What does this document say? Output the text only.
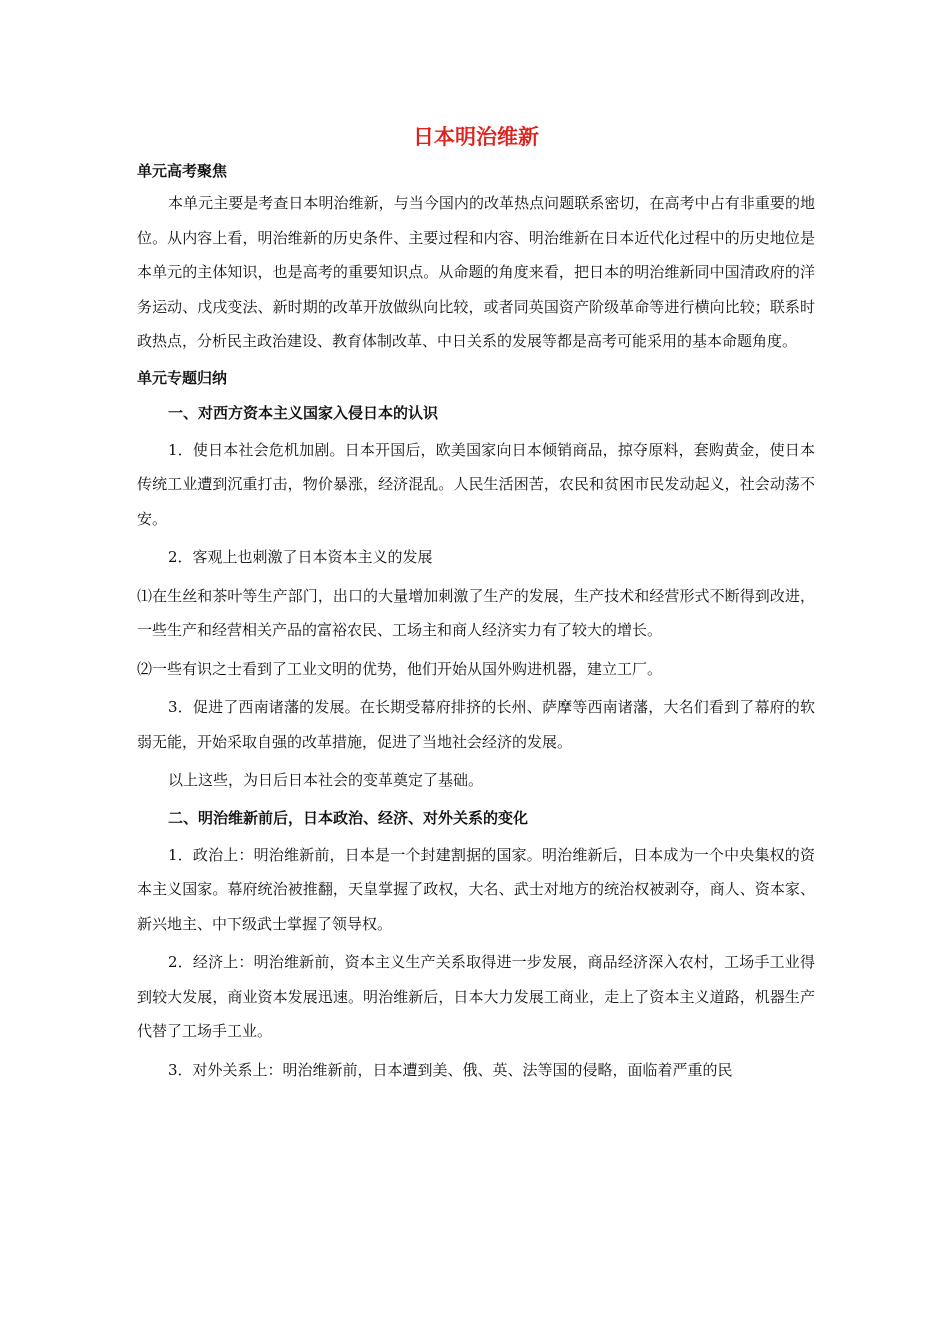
日本明治维新
单元高考聚焦

本单元主要是考查日本明治维新，与当今国内的改革热点问题联系密切，在高考中占有非重要的地位。从内容上看，明治维新的历史条件、主要过程和内容、明治维新在日本近代化过程中的历史地位是本单元的主体知识，也是高考的重要知识点。从命题的角度来看，把日本的明治维新同中国清政府的洋务运动、戊戌变法、新时期的改革开放做纵向比较，或者同英国资产阶级革命等进行横向比较；联系时政热点，分析民主政治建设、教育体制改革、中日关系的发展等都是高考可能采用的基本命题角度。

单元专题归纳
一、对西方资本主义国家入侵日本的认识

1．使日本社会危机加剧。日本开国后，欧美国家向日本倾销商品，掠夺原料，套购黄金，使日本传统工业遭到沉重打击，物价暴涨，经济混乱。人民生活困苦，农民和贫困市民发动起义，社会动荡不安。

2．客观上也刺激了日本资本主义的发展

⑴在生丝和茶叶等生产部门，出口的大量增加刺激了生产的发展，生产技术和经营形式不断得到改进，一些生产和经营相关产品的富裕农民、工场主和商人经济实力有了较大的增长。

⑵一些有识之士看到了工业文明的优势，他们开始从国外购进机器，建立工厂。

3．促进了西南诸藩的发展。在长期受幕府排挤的长州、萨摩等西南诸藩，大名们看到了幕府的软弱无能，开始采取自强的改革措施，促进了当地社会经济的发展。

以上这些，为日后日本社会的变革奠定了基础。

二、明治维新前后，日本政治、经济、对外关系的变化

1．政治上：明治维新前，日本是一个封建割据的国家。明治维新后，日本成为一个中央集权的资本主义国家。幕府统治被推翻，天皇掌握了政权，大名、武士对地方的统治权被剥夺，商人、资本家、新兴地主、中下级武士掌握了领导权。

2．经济上：明治维新前，资本主义生产关系取得进一步发展，商品经济深入农村，工场手工业得到较大发展，商业资本发展迅速。明治维新后，日本大力发展工商业，走上了资本主义道路，机器生产代替了工场手工业。

3．对外关系上：明治维新前，日本遭到美、俄、英、法等国的侵略，面临着严重的民
